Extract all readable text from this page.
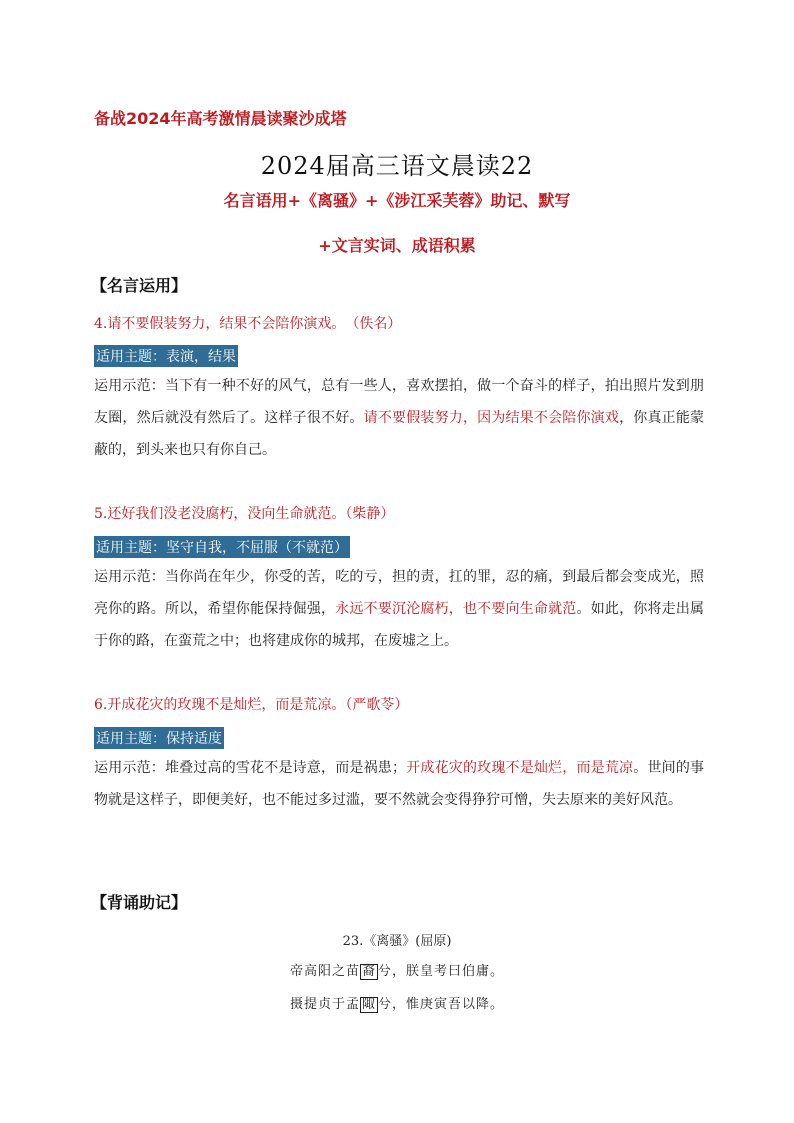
备战2024年高考激情晨读聚沙成塔
2024届高三语文晨读22
名言语用+《离骚》+《涉江采芙蓉》助记、默写
+文言实词、成语积累
【名言运用】
4.请不要假装努力，结果不会陪你演戏。　（佚名）
适用主题：表演，结果
运用示范：当下有一种不好的风气，总有一些人，喜欢摆拍，做一个奋斗的样子，拍出照片发到朋友圈，然后就没有然后了。这样子很不好。请不要假装努力，因为结果不会陪你演戏，你真正能蒙蔽的，到头来也只有你自己。
5.还好我们没老没腐朽，没向生命就范。（柴静）
适用主题：坚守自我，不屈服（不就范）
运用示范：当你尚在年少，你受的苦，吃的亏，担的责，扛的罪，忍的痛，到最后都会变成光，照亮你的路。所以，希望你能保持倔强，永远不要沉沦腐朽，也不要向生命就范。如此，你将走出属于你的路，在蛮荒之中；也将建成你的城邦，在废墟之上。
6.开成花灾的玫瑰不是灿烂，而是荒凉。（严歌苓）
适用主题：保持适度
运用示范：堆叠过高的雪花不是诗意，而是祸患；开成花灾的玫瑰不是灿烂，而是荒凉。世间的事物就是这样子，即便美好，也不能过多过滥，要不然就会变得狰狞可憎，失去原来的美好风范。
【背诵助记】
23.《离骚》(屈原)
帝高阳之苗 裔 兮，朕皇考曰伯庸。
摄提贞于孟 陬 兮，惟庚寅吾以降。
